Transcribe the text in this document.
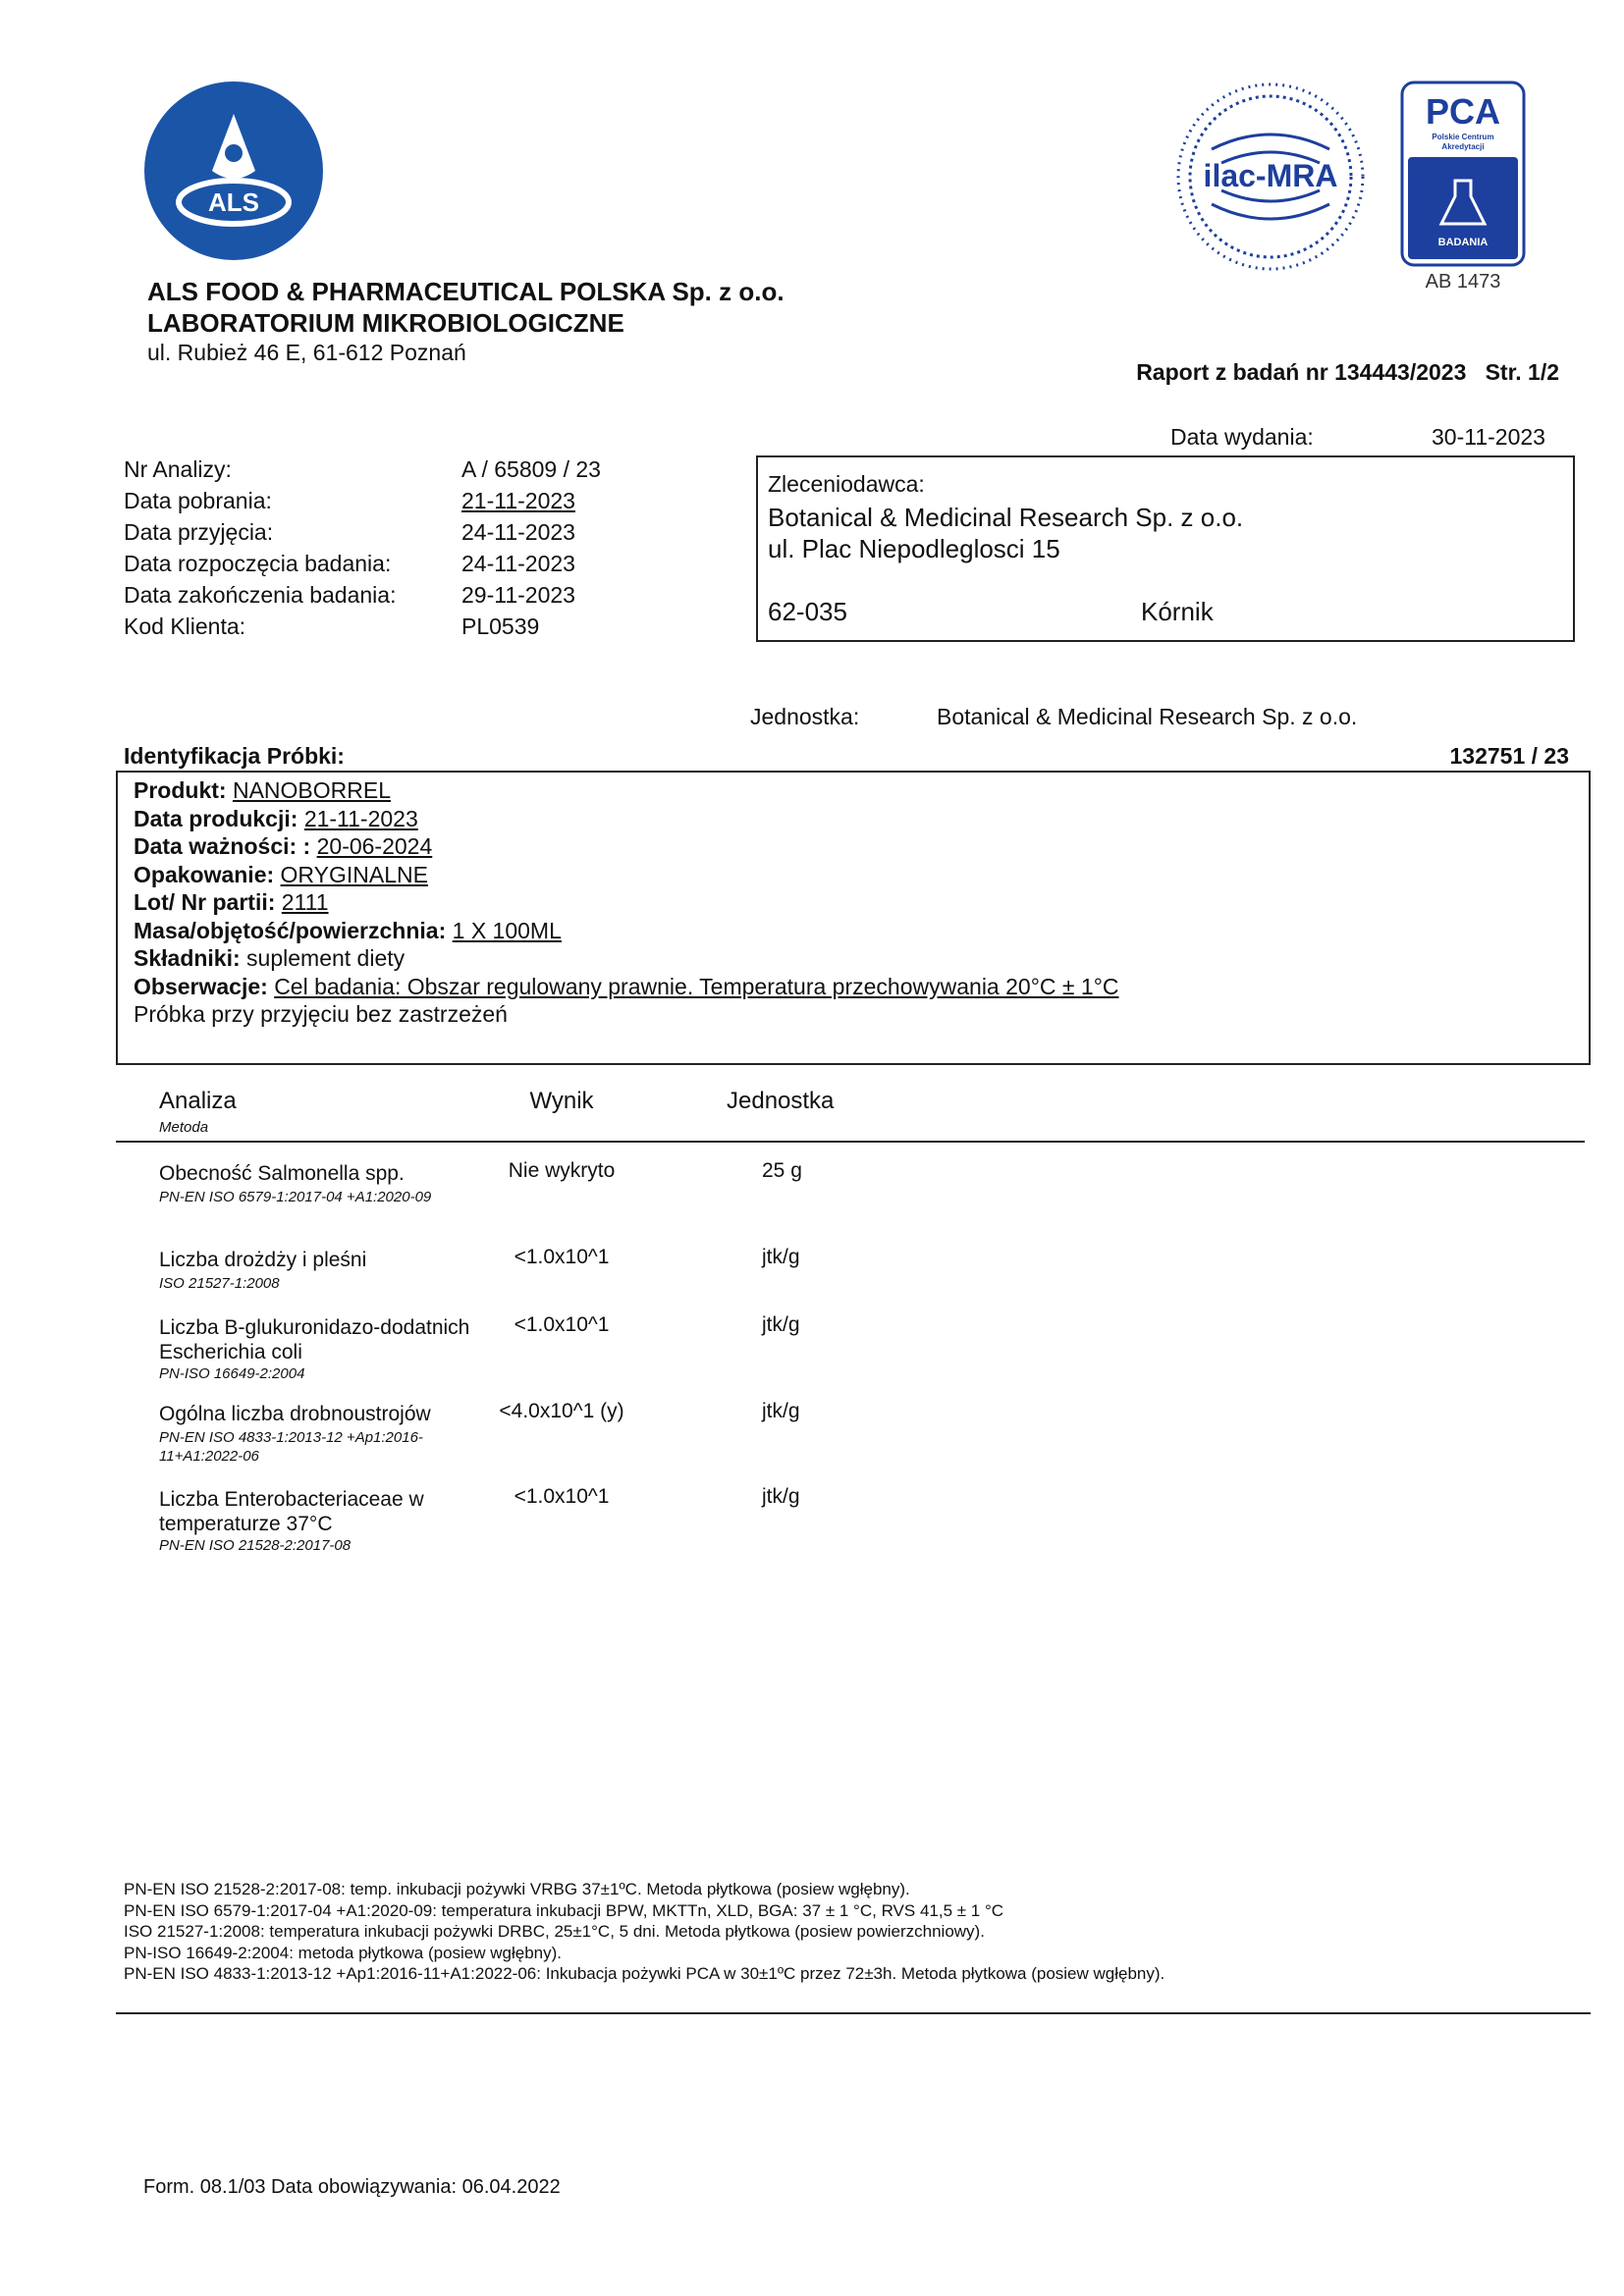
ALS
ilac-MRA
PCA
Polskie Centrum
Akredytacji
BADANIA
AB 1473
ALS FOOD & PHARMACEUTICAL POLSKA Sp. z o.o.
LABORATORIUM MIKROBIOLOGICZNE
ul. Rubież 46 E, 61-612 Poznań
Raport z badań nr 134443/2023   Str. 1/2
Data wydania:	30-11-2023
Nr Analizy:	A / 65809 / 23
Data pobrania:	21-11-2023
Data przyjęcia:	24-11-2023
Data rozpoczęcia badania:	24-11-2023
Data zakończenia badania:	29-11-2023
Kod Klienta:	PL0539
Zleceniodawca:
Botanical & Medicinal Research Sp. z o.o.
ul. Plac Niepodleglosci 15
62-035	Kórnik
Jednostka:	Botanical & Medicinal Research Sp. z o.o.
Identyfikacja Próbki:	132751 / 23
Produkt: NANOBORREL
Data produkcji: 21-11-2023
Data ważności: : 20-06-2024
Opakowanie: ORYGINALNE
Lot/ Nr partii: 2111
Masa/objętość/powierzchnia: 1 X 100ML
Składniki: suplement diety
Obserwacje: Cel badania: Obszar regulowany prawnie. Temperatura przechowywania 20°C ± 1°C
Próbka przy przyjęciu bez zastrzeżeń
Analiza
Metoda
Wynik	Jednostka
Obecność Salmonella spp.
PN-EN ISO 6579-1:2017-04 +A1:2020-09
Nie wykryto	25 g
Liczba drożdży i pleśni
ISO 21527-1:2008
<1.0x10^1	jtk/g
Liczba B-glukuronidazo-dodatnich Escherichia coli
PN-ISO 16649-2:2004
<1.0x10^1	jtk/g
Ogólna liczba drobnoustrojów
PN-EN ISO 4833-1:2013-12 +Ap1:2016-11+A1:2022-06
<4.0x10^1 (y)	jtk/g
Liczba Enterobacteriaceae w temperaturze 37°C
PN-EN ISO 21528-2:2017-08
<1.0x10^1	jtk/g
PN-EN ISO 21528-2:2017-08: temp. inkubacji pożywki VRBG 37±1ºC. Metoda płytkowa (posiew wgłębny).
PN-EN ISO 6579-1:2017-04 +A1:2020-09: temperatura inkubacji BPW, MKTTn, XLD, BGA: 37 ± 1 °C, RVS 41,5 ± 1 °C
ISO 21527-1:2008: temperatura inkubacji pożywki DRBC, 25±1°C, 5 dni. Metoda płytkowa (posiew powierzchniowy).
PN-ISO 16649-2:2004: metoda płytkowa (posiew wgłębny).
PN-EN ISO 4833-1:2013-12 +Ap1:2016-11+A1:2022-06: Inkubacja pożywki PCA w 30±1ºC przez 72±3h. Metoda płytkowa (posiew wgłębny).
Form. 08.1/03 Data obowiązywania: 06.04.2022
